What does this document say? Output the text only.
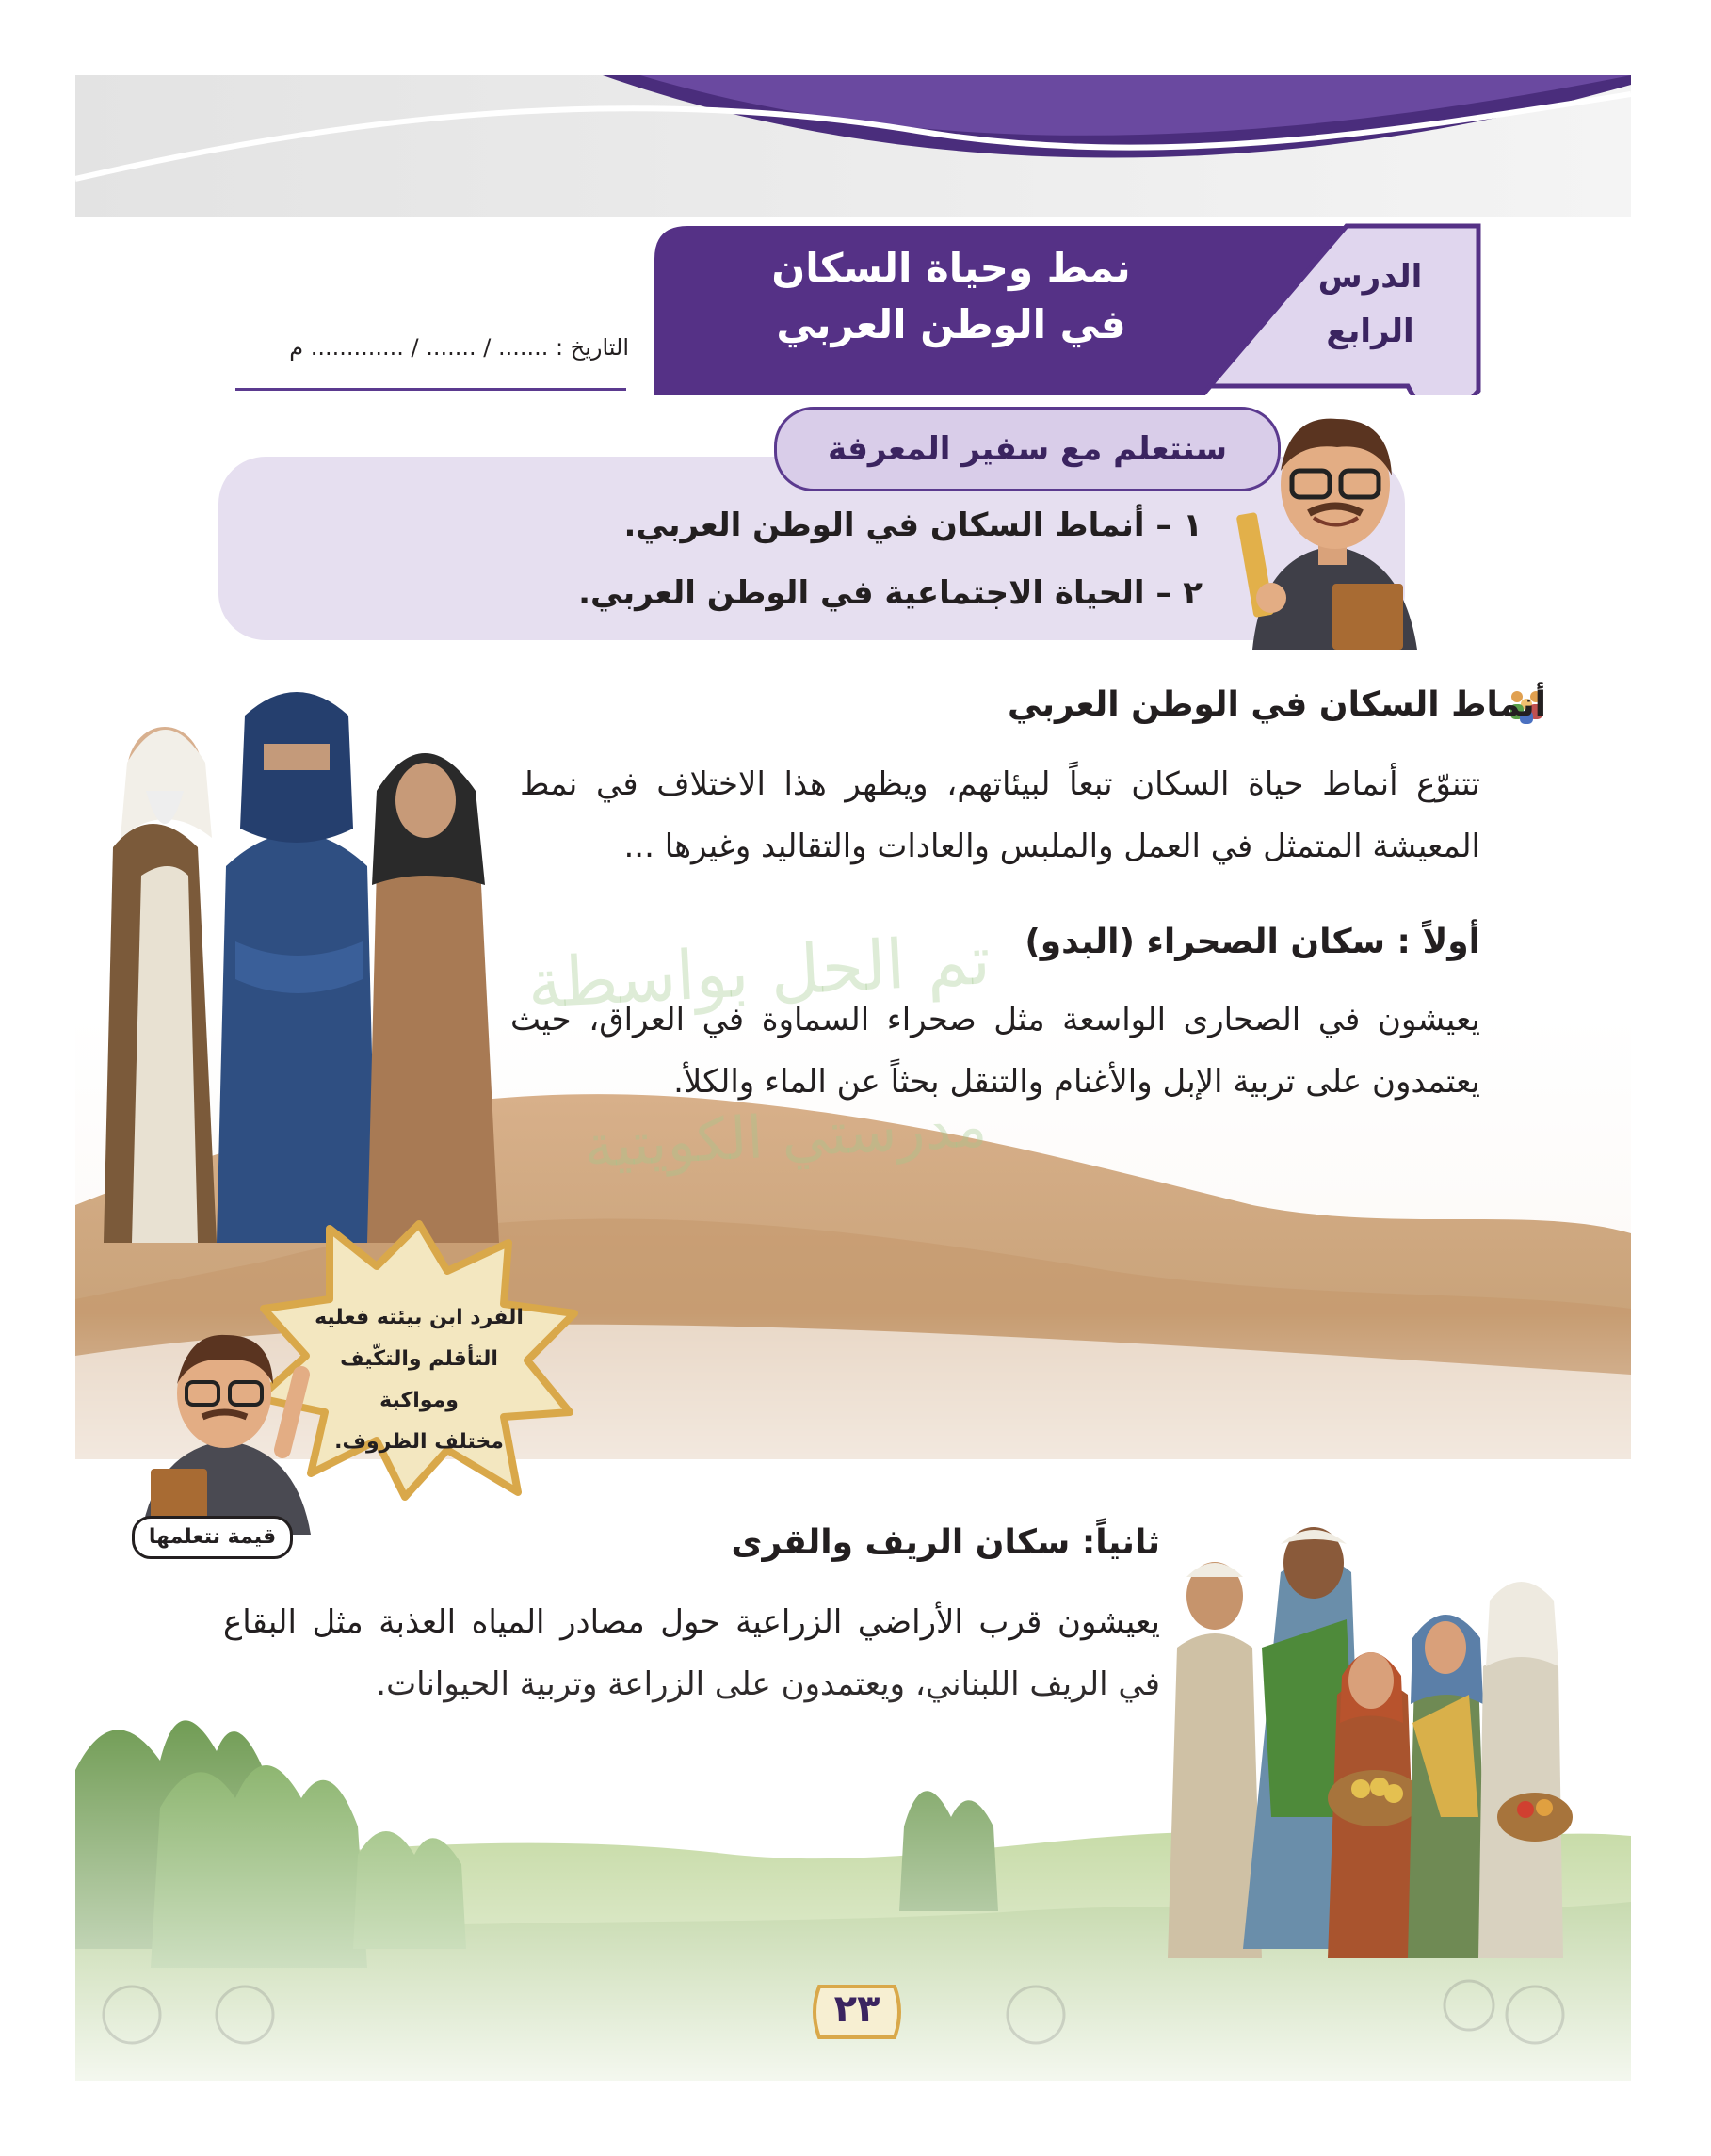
نمط وحياة السكان
في الوطن العربي
الدرس
الرابع
التاريخ : ....... / ....... / ............. م
سنتعلم مع سفير المعرفة
١ – أنماط السكان في الوطن العربي.
٢ – الحياة الاجتماعية في الوطن العربي.
أنماط السكان في الوطن العربي
تتنوّع أنماط حياة السكان تبعاً لبيئاتهم، ويظهر هذا الاختلاف في نمط المعيشة المتمثل في العمل والملبس والعادات والتقاليد وغيرها ...
أولاً : سكان الصحراء (البدو)
يعيشون في الصحارى الواسعة مثل صحراء السماوة في العراق، حيث يعتمدون على تربية الإبل والأغنام والتنقل بحثاً عن الماء والكلأ.
تم الحل بواسطة
مدرستي الكويتية
الفرد ابن بيئته فعليه
التأقلم والتكّيف ومواكبة
مختلف الظروف.
قيمة نتعلمها	ثانياً: سكان الريف والقرى
يعيشون قرب الأراضي الزراعية حول مصادر المياه العذبة مثل البقاع
٢٣
